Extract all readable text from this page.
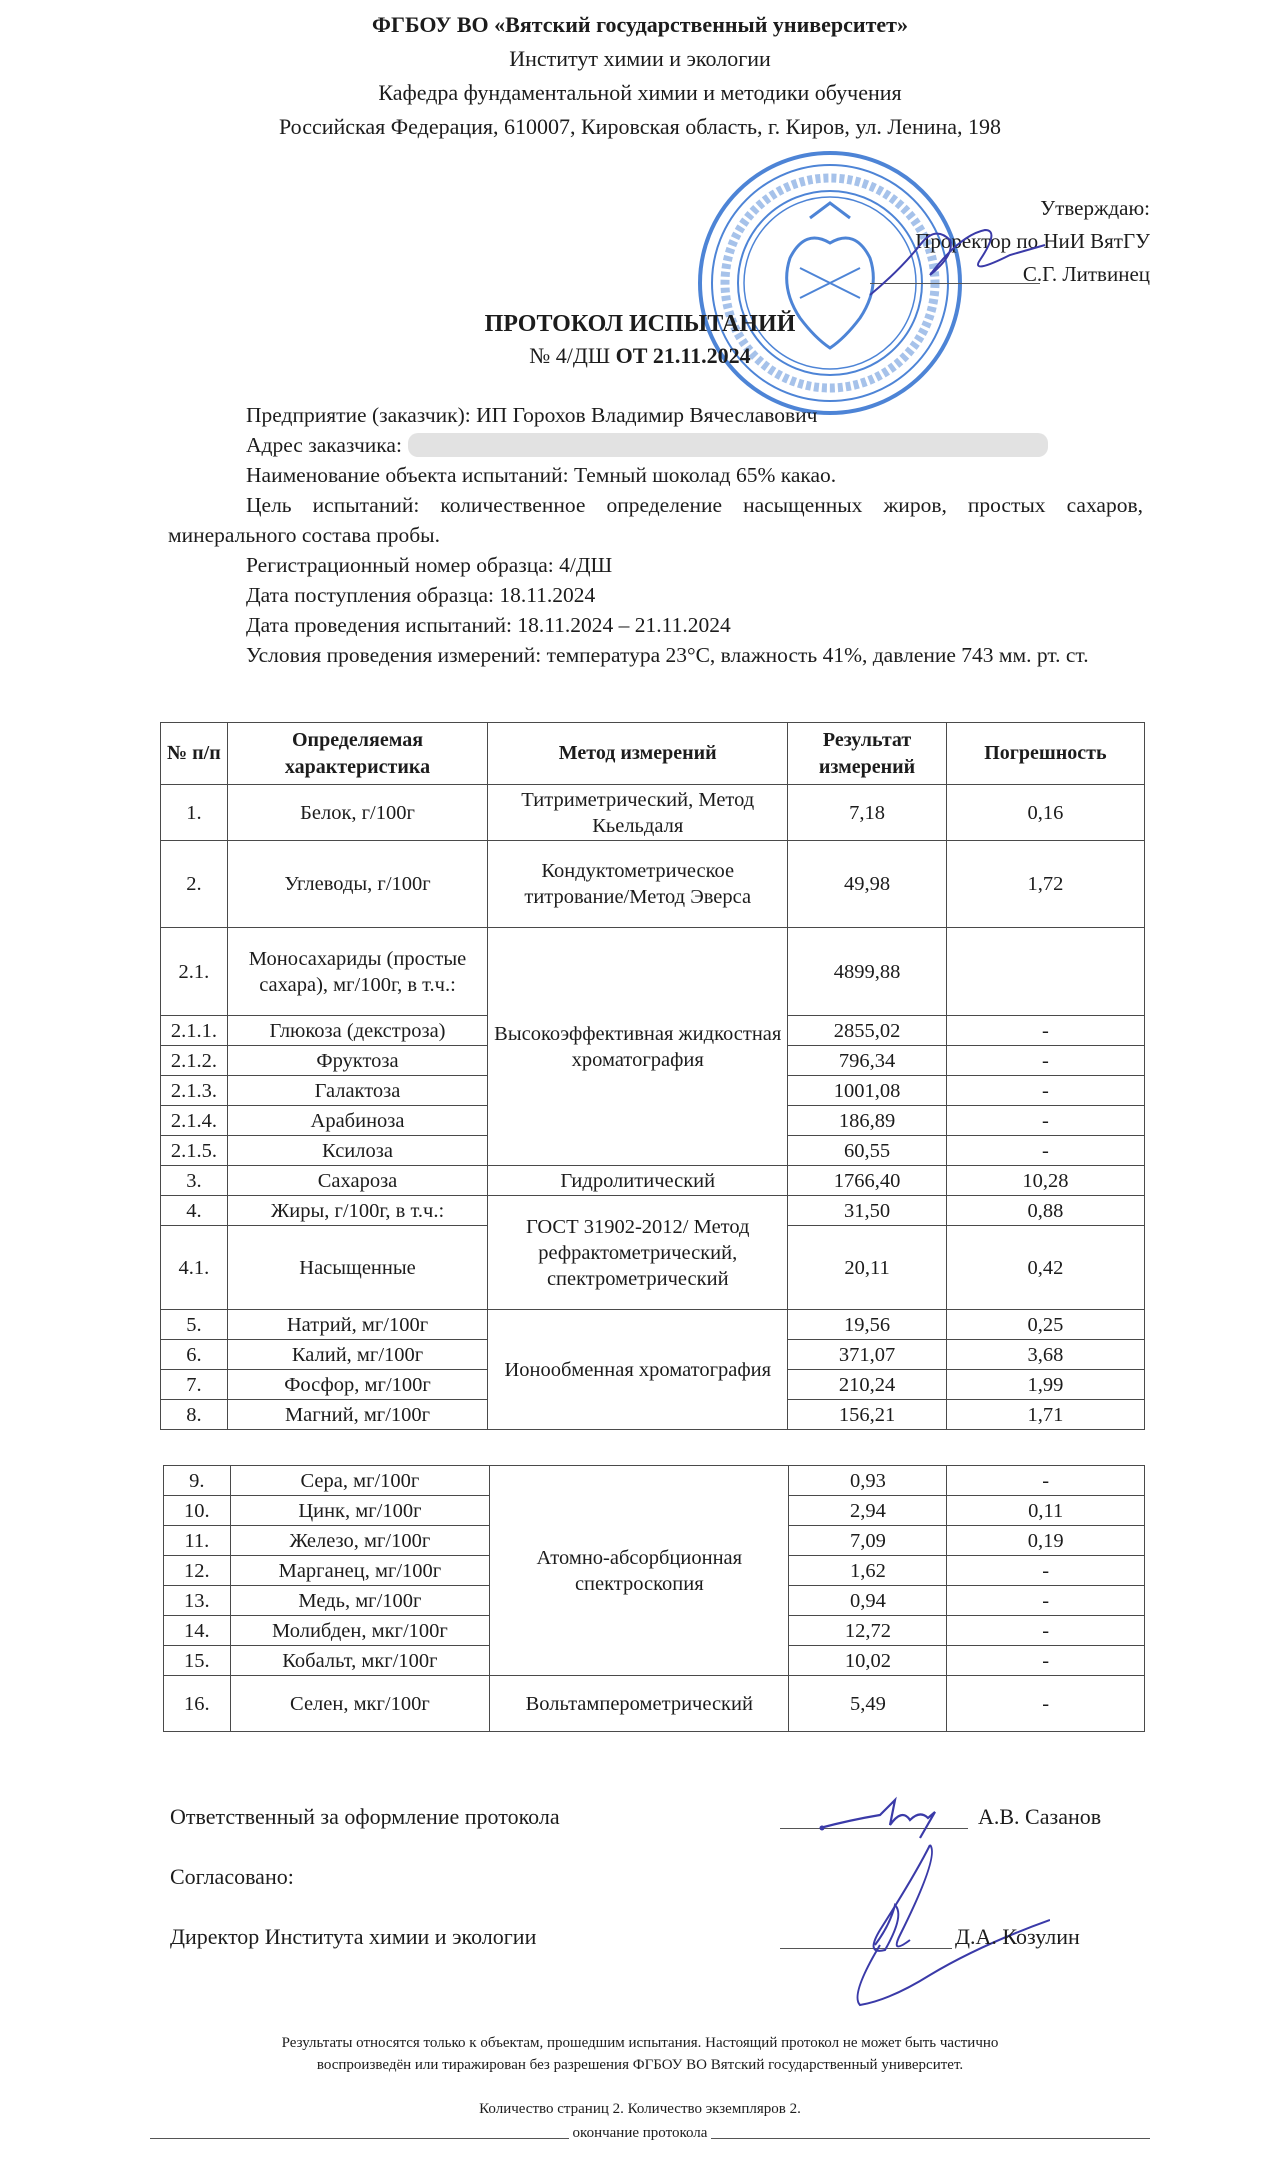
ФГБОУ ВО «Вятский государственный университет»
Институт химии и экологии
Кафедра фундаментальной химии и методики обучения
Российская Федерация, 610007, Кировская область, г. Киров, ул. Ленина, 198
Утверждаю:
Проректор по НиИ ВятГУ
С.Г. Литвинец
ПРОТОКОЛ ИСПЫТАНИЙ
№ 4/ДШ ОТ 21.11.2024

Предприятие (заказчик): ИП Горохов Владимир Вячеславович

Адрес заказчика:

Наименование объекта испытаний: Темный шоколад 65% какао.

Цель испытаний: количественное определение насыщенных жиров, простых сахаров, минерального состава пробы.

Регистрационный номер образца: 4/ДШ

Дата поступления образца: 18.11.2024

Дата проведения испытаний: 18.11.2024 – 21.11.2024

Условия проведения измерений: температура 23°С, влажность 41%, давление 743 мм. рт. ст.

№ п/п	Определяемая характеристика	Метод измерений	Результат измерений	Погрешность
1.	Белок, г/100г	Титриметрический, Метод Кьельдаля	7,18	0,16
2.	Углеводы, г/100г	Кондуктометрическое титрование/Метод Эверса	49,98	1,72
2.1.	Моносахариды (простые сахара), мг/100г, в т.ч.:	Высокоэффективная жидкостная хроматография	4899,88	
2.1.1.	Глюкоза (декстроза)		2855,02	-
2.1.2.	Фруктоза		796,34	-
2.1.3.	Галактоза		1001,08	-
2.1.4.	Арабиноза		186,89	-
2.1.5.	Ксилоза		60,55	-
3.	Сахароза	Гидролитический	1766,40	10,28
4.	Жиры, г/100г, в т.ч.:	ГОСТ 31902-2012/ Метод рефрактометрический, спектрометрический	31,50	0,88
4.1.	Насыщенные		20,11	0,42
5.	Натрий, мг/100г	Ионообменная хроматография	19,56	0,25
6.	Калий, мг/100г		371,07	3,68
7.	Фосфор, мг/100г		210,24	1,99
8.	Магний, мг/100г		156,21	1,71
9.	Сера, мг/100г	Атомно-абсорбционная спектроскопия	0,93	-
10.	Цинк, мг/100г		2,94	0,11
11.	Железо, мг/100г		7,09	0,19
12.	Марганец, мг/100г		1,62	-
13.	Медь, мг/100г		0,94	-
14.	Молибден, мкг/100г		12,72	-
15.	Кобальт, мкг/100г		10,02	-
16.	Селен, мкг/100г	Вольтамперометрический	5,49	-
Ответственный за оформление протокола	А.В. Сазанов
Согласовано:
Директор Института химии и экологии	Д.А. Козулин
Результаты относятся только к объектам, прошедшим испытания. Настоящий протокол не может быть частично
воспроизведён или тиражирован без разрешения ФГБОУ ВО Вятский государственный университет.
Количество страниц 2. Количество экземпляров 2.
окончание протокола
